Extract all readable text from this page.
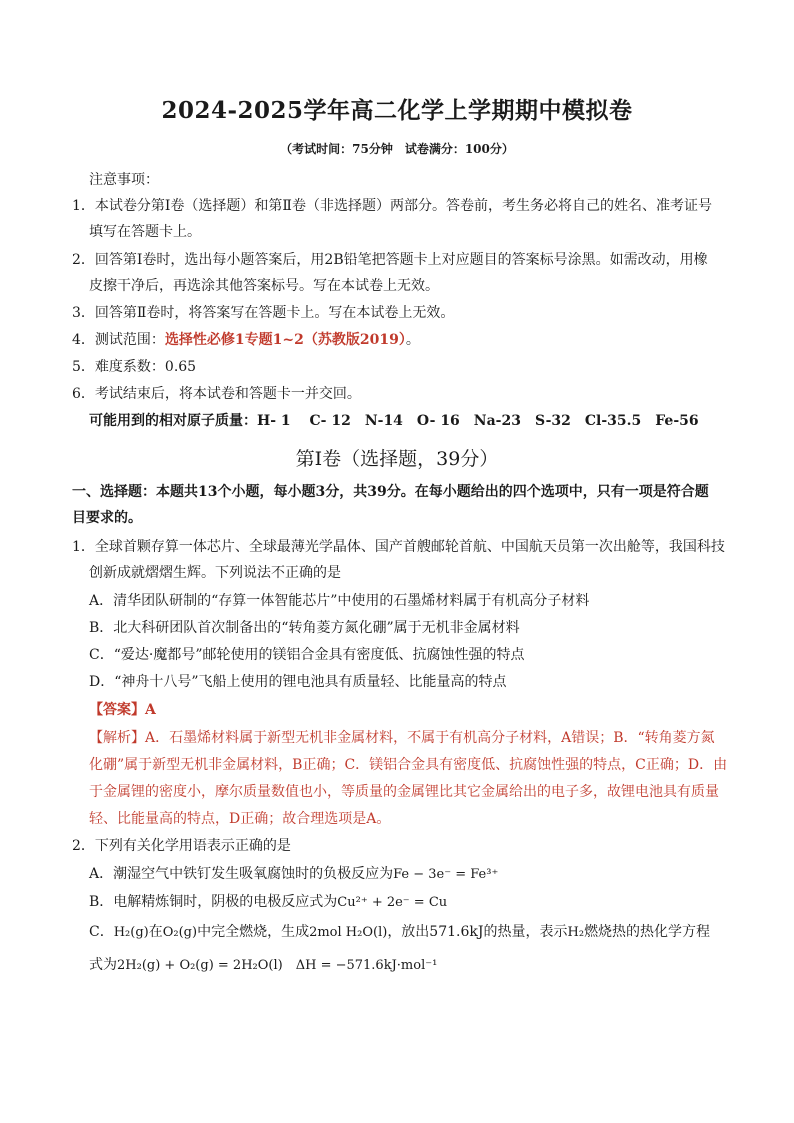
2024-2025学年高二化学上学期期中模拟卷
（考试时间：75分钟　试卷满分：100分）
注意事项：
1．本试卷分第Ⅰ卷（选择题）和第Ⅱ卷（非选择题）两部分。答卷前，考生务必将自己的姓名、准考证号
填写在答题卡上。
2．回答第Ⅰ卷时，选出每小题答案后，用2B铅笔把答题卡上对应题目的答案标号涂黑。如需改动，用橡
皮擦干净后，再选涂其他答案标号。写在本试卷上无效。
3．回答第Ⅱ卷时，将答案写在答题卡上。写在本试卷上无效。
4．测试范围：选择性必修1专题1~2（苏教版2019）。
5．难度系数：0.65
6．考试结束后，将本试卷和答题卡一并交回。
可能用到的相对原子质量：H- 1　 C- 12　N-14　O- 16　Na-23　S-32　Cl-35.5　Fe-56
第Ⅰ卷（选择题，39分）
一、选择题：本题共13个小题，每小题3分，共39分。在每小题给出的四个选项中，只有一项是符合题
目要求的。
1．全球首颗存算一体芯片、全球最薄光学晶体、国产首艘邮轮首航、中国航天员第一次出舱等，我国科技
创新成就熠熠生辉。下列说法不正确的是
A．清华团队研制的“存算一体智能芯片”中使用的石墨烯材料属于有机高分子材料
B．北大科研团队首次制备出的“转角菱方氮化硼”属于无机非金属材料
C．“爱达·魔都号”邮轮使用的镁铝合金具有密度低、抗腐蚀性强的特点
D．“神舟十八号”飞船上使用的锂电池具有质量轻、比能量高的特点
【答案】A
【解析】A．石墨烯材料属于新型无机非金属材料，不属于有机高分子材料，A错误；B．“转角菱方氮
化硼”属于新型无机非金属材料，B正确；C．镁铝合金具有密度低、抗腐蚀性强的特点，C正确；D．由
于金属锂的密度小，摩尔质量数值也小，等质量的金属锂比其它金属给出的电子多，故锂电池具有质量
轻、比能量高的特点，D正确；故合理选项是A。
2．下列有关化学用语表示正确的是
A．潮湿空气中铁钉发生吸氧腐蚀时的负极反应为Fe − 3e⁻ = Fe³⁺
B．电解精炼铜时，阴极的电极反应式为Cu²⁺ + 2e⁻ = Cu
C．H₂(g)在O₂(g)中完全燃烧，生成2mol H₂O(l)，放出571.6kJ的热量，表示H₂燃烧热的热化学方程
式为2H₂(g) + O₂(g) = 2H₂O(l)　ΔH = −571.6kJ·mol⁻¹
